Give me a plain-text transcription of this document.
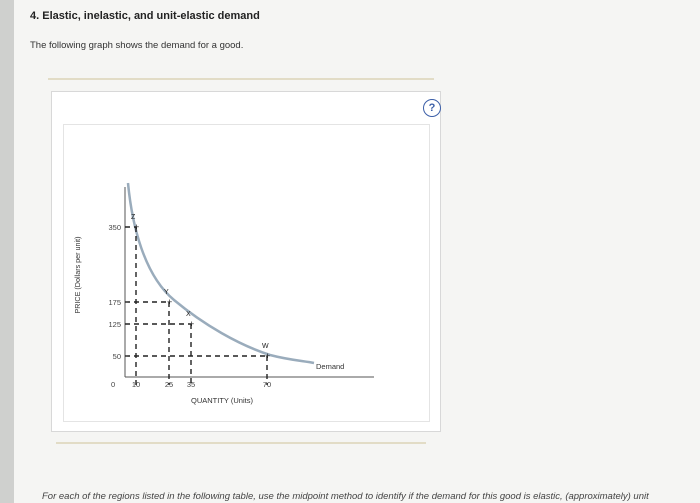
4. Elastic, inelastic, and unit-elastic demand
The following graph shows the demand for a good.
?
Z
+
Y
+
X
+
W
+
350
175
125
50
10	25 35	70
0
QUANTITY (Units)
PRICE (Dollars per unit)
Demand
For each of the regions listed in the following table, use the midpoint method to identify if the demand for this good is elastic, (approximately) unit
